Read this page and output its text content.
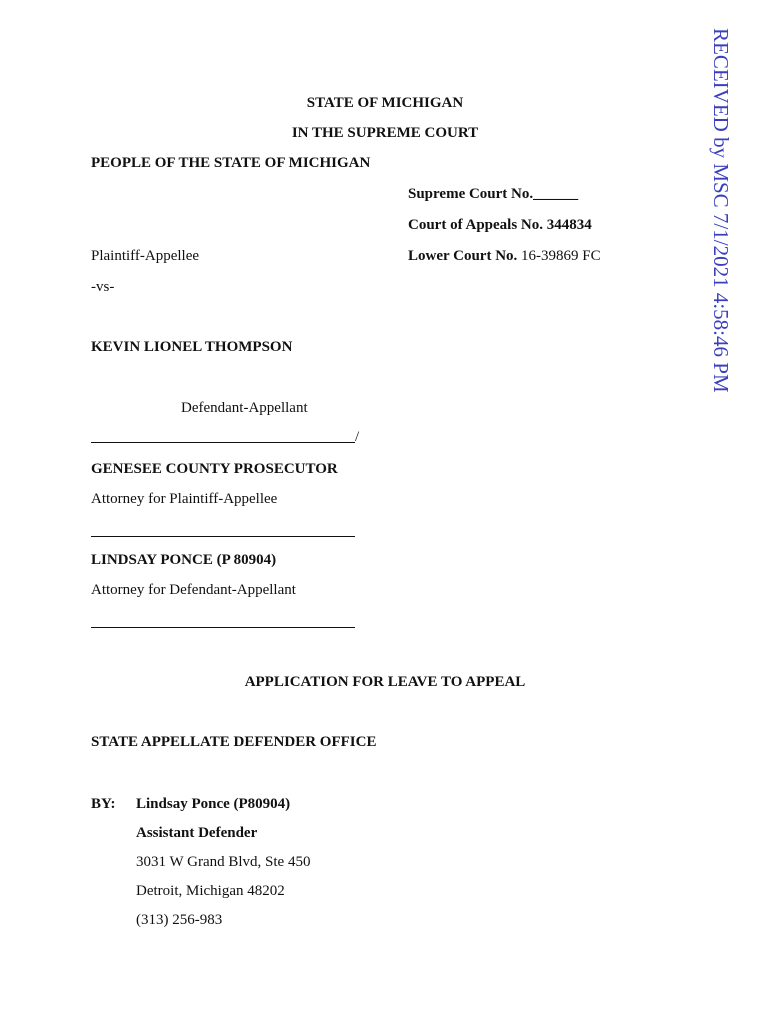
RECEIVED by MSC 7/1/2021 4:58:46 PM
STATE OF MICHIGAN
IN THE SUPREME COURT
PEOPLE OF THE STATE OF MICHIGAN
Supreme Court No.______
Court of Appeals No. 344834
Plaintiff-Appellee	Lower Court No. 16-39869 FC
-vs-
KEVIN LIONEL THOMPSON
Defendant-Appellant
/
GENESEE COUNTY PROSECUTOR
Attorney for Plaintiff-Appellee
LINDSAY PONCE (P 80904)
Attorney for Defendant-Appellant
APPLICATION FOR LEAVE TO APPEAL
STATE APPELLATE DEFENDER OFFICE
BY: Lindsay Ponce (P80904)
Assistant Defender
3031 W Grand Blvd, Ste 450
Detroit, Michigan 48202
(313) 256-983
